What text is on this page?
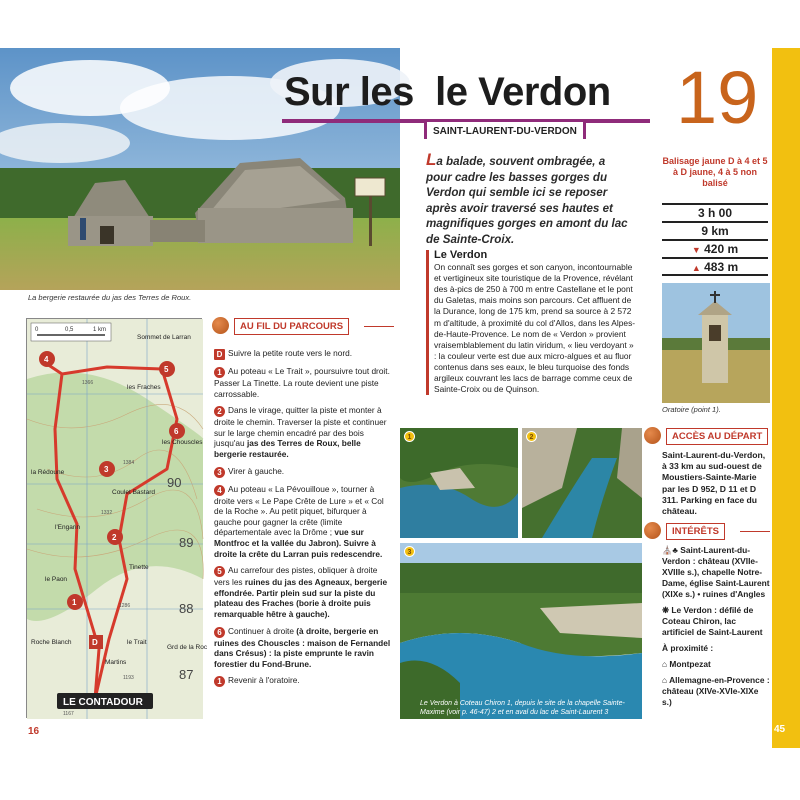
La bergerie restaurée du jas des Terres de Roux.
Sur les  le Verdon
SAINT-LAURENT-DU-VERDON 19
La balade, souvent ombragée, a pour cadre les basses gorges du Verdon qui semble ici se reposer après avoir traversé ses hautes et magnifiques gorges en amont du lac de Sainte-Croix.
Balisage jaune D à 4 et 5 à D jaune, 4 à 5 non balisé
3 h 00
9 km
▼ 420 m
▲ 483 m
Le Verdon
On connaît ses gorges et son canyon, incontournable et vertigineux site touristique de la Provence, révélant des à-pics de 250 à 700 m entre Castellane et le pont du Galetas, mais moins son parcours. Cet affluent de la Durance, long de 175 km, prend sa source à 2 572 m d'altitude, à proximité du col d'Allos, dans les Alpes-de-Haute-Provence. Le nom de « Verdon » provient vraisemblablement du latin viridum, « lieu verdoyant » : la couleur verte est due aux micro-algues et au fluor contenus dans ses eaux, le bleu turquoise des fonds argileux couvrant les lacs de barrage comme ceux de Sainte-Croix ou de Quinson.
Oratoire (point 1).
0	0,5	1 km
Sommet de Larran
les Fraches
la Rédoune
Coulet Bastard
l'Engarin
le Paon
Tinette
le Trait
Martins
les Chouscles
Roche Blanch
Grd de la Roc
90
89
88
87
1366
1384
1332
1286
1193
1167
D
1
2
3
4
5
6
LE CONTADOUR
AU FIL DU PARCOURS
D Suivre la petite route vers le nord.
1 Au poteau « Le Trait », poursuivre tout droit. Passer La Tinette. La route devient une piste carrossable.
2 Dans le virage, quitter la piste et monter à droite le chemin. Traverser la piste et continuer sur le large chemin encadré par des bois jusqu'au jas des Terres de Roux, belle bergerie restaurée.
3 Virer à gauche.
4 Au poteau « La Pévouilloue », tourner à droite vers « Le Pape Crête de Lure » et « Col de la Roche ». Au petit piquet, bifurquer à gauche pour gagner la crête (limite départementale avec la Drôme ; vue sur Montfroc et la vallée du Jabron). Suivre à droite la crête du Larran puis redescendre.
5 Au carrefour des pistes, obliquer à droite vers les ruines du jas des Agneaux, bergerie effondrée. Partir plein sud sur la piste du plateau des Fraches (borie à droite puis remarquable hêtre à gauche).
6 Continuer à droite (à droite, bergerie en ruines des Chouscles : maison de Fernandel dans Crésus) : la piste emprunte le ravin forestier du Fond-Brune.
1 Revenir à l'oratoire.
1	2
3
Le Verdon à Coteau Chiron 1, depuis le site de la chapelle Sainte-Maxime (voir p. 46-47) 2 et en aval du lac de Saint-Laurent 3
ACCÈS AU DÉPART
Saint-Laurent-du-Verdon, à 33 km au sud-ouest de Moustiers-Sainte-Marie par les D 952, D 11 et D 311. Parking en face du château.
INTÉRÊTS

⛪♣ Saint-Laurent-du-Verdon : château (XVIIe-XVIIIe s.), chapelle Notre-Dame, église Saint-Laurent (XIXe s.) • ruines d'Angles

❋ Le Verdon : défilé de Coteau Chiron, lac artificiel de Saint-Laurent

À proximité :

⌂ Montpezat

⌂ Allemagne-en-Provence : château (XIVe-XVIe-XIXe s.)

16	45
